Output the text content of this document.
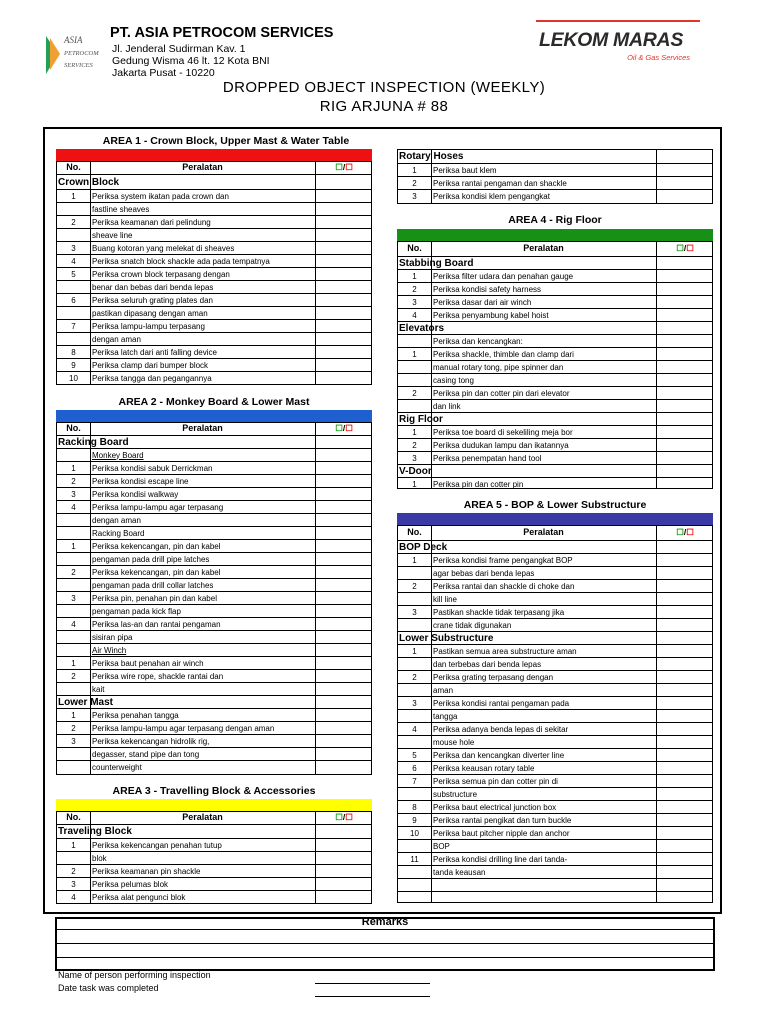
ASIA
PETROCOM
SERVICES
PT. ASIA PETROCOM SERVICES
Jl. Jenderal Sudirman Kav. 1
Gedung Wisma 46 lt. 12 Kota BNI
Jakarta Pusat - 10220
LEKOM MARAS
Oil & Gas Services
DROPPED OBJECT INSPECTION (WEEKLY)
RIG ARJUNA # 88
AREA 1 - Crown Block, Upper Mast & Water Table
No.	Peralatan	☐ / ☐
Crown Block
1	Periksa system ikatan pada crown dan
fastline sheaves
2	Periksa keamanan dari pelindung
sheave line
3	Buang kotoran yang melekat di sheaves
4	Periksa snatch block shackle ada pada tempatnya
5	Periksa crown block terpasang dengan
benar dan bebas dari benda lepas
6	Periksa seluruh grating plates dan
pastikan dipasang dengan aman
7	Periksa lampu-lampu terpasang
dengan aman
8	Periksa latch dari anti falling device
9	Periksa clamp dari bumper block
10	Periksa tangga dan pegangannya
AREA 2 - Monkey Board & Lower Mast
No.	Peralatan	☐ / ☐
Racking Board
Monkey Board
1	Periksa kondisi sabuk Derrickman
2	Periksa kondisi escape line
3	Periksa kondisi walkway
4	Periksa lampu-lampu agar terpasang
dengan aman
Racking Board
1	Periksa kekencangan, pin dan kabel
pengaman pada drill pipe latches
2	Periksa kekencangan, pin dan kabel
pengaman pada drill collar latches
3	Periksa pin, penahan pin dan kabel
pengaman pada kick flap
4	Periksa las-an dan rantai pengaman
sisiran pipa
Air Winch
1	Periksa baut penahan air winch
2	Periksa wire rope, shackle rantai dan
kait
Lower Mast
1	Periksa penahan tangga
2	Periksa lampu-lampu agar terpasang dengan aman
3	Periksa kekencangan hidrolik rig,
degasser, stand pipe dan tong
counterweight
AREA 3 - Travelling Block & Accessories
No.	Peralatan	☐ / ☐
Traveling Block
1	Periksa kekencangan penahan tutup
blok
2	Periksa keamanan pin shackle
3	Periksa pelumas blok
4	Periksa alat pengunci blok
Rotary Hoses
1	Periksa baut klem
2	Periksa rantai pengaman dan shackle
3	Periksa kondisi klem pengangkat
AREA 4 - Rig Floor
No.	Peralatan	☐ / ☐
Stabbing Board
1	Periksa filter udara dan penahan gauge
2	Periksa kondisi safety harness
3	Periksa dasar dari air winch
4	Periksa penyambung kabel hoist
Elevators
Periksa dan kencangkan:
1	Periksa shackle, thimble dan clamp dari
manual rotary tong, pipe spinner dan
casing tong
2	Periksa pin dan cotter pin dari elevator
dan link
Rig Floor
1	Periksa toe board di sekeliling meja bor
2	Periksa dudukan lampu dan ikatannya
3	Periksa penempatan hand tool
V-Door
1	Periksa pin dan cotter pin
AREA 5 - BOP & Lower Substructure
No.	Peralatan	☐ / ☐
BOP Deck
1	Periksa kondisi frame pengangkat BOP
agar bebas dari benda lepas
2	Periksa rantai dan shackle di choke dan
kill line
3	Pastikan shackle tidak terpasang jika
crane tidak digunakan
Lower Substructure
1	Pastikan semua area substructure aman
dan terbebas dari benda lepas
2	Periksa grating terpasang dengan
aman
3	Periksa kondisi rantai pengaman pada
tangga
4	Periksa adanya benda lepas di sekitar
mouse hole
5	Periksa dan kencangkan diverter line
6	Periksa keausan rotary table
7	Periksa semua pin dan cotter pin di
substructure
8	Periksa baut electrical junction box
9	Periksa rantai pengikat dan turn buckle
10	Periksa baut pitcher nipple dan anchor
BOP
11	Periksa kondisi drilling line dari tanda-
tanda keausan
Remarks
Name of person performing inspection
Date task was completed
